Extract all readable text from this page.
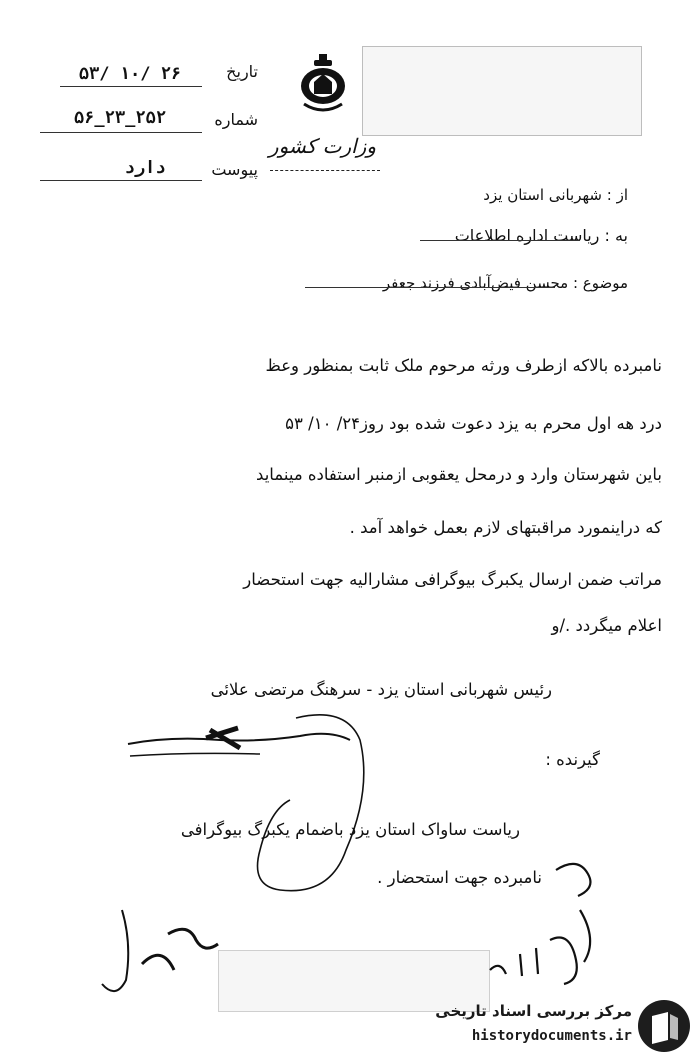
وزارت کشور
تاریخ
۵۳/ ۱۰/ ۲۶
شماره
۵۶_۲۳_۲۵۲
پیوست
دارد
از : شهربانی استان یزد
به : ریاست اداره اطلاعات
موضوع : محسن فیض‌آبادی فرزند جعفر
نامبرده بالاکه ازطرف ورثه مرحوم ملک ثابت بمنظور وعظ
درد هه اول محرم به یزد دعوت شده بود روز۲۴/ ۱۰/ ۵۳
باین شهرستان وارد و درمحل یعقوبی ازمنبر استفاده مینماید
که دراینمورد مراقبتهای لازم بعمل خواهد آمد .
مراتب ضمن ارسال یکبرگ بیوگرافی مشارالیه جهت استحضار
اعلام میگردد ./و
رئیس شهربانی استان یزد - سرهنگ مرتضی علائی
گیرنده :
ریاست ساواک استان یزد باضمام یکبرگ بیوگرافی
نامبرده جهت استحضار .
مرکز بررسی اسناد تاریخی
historydocuments.ir
